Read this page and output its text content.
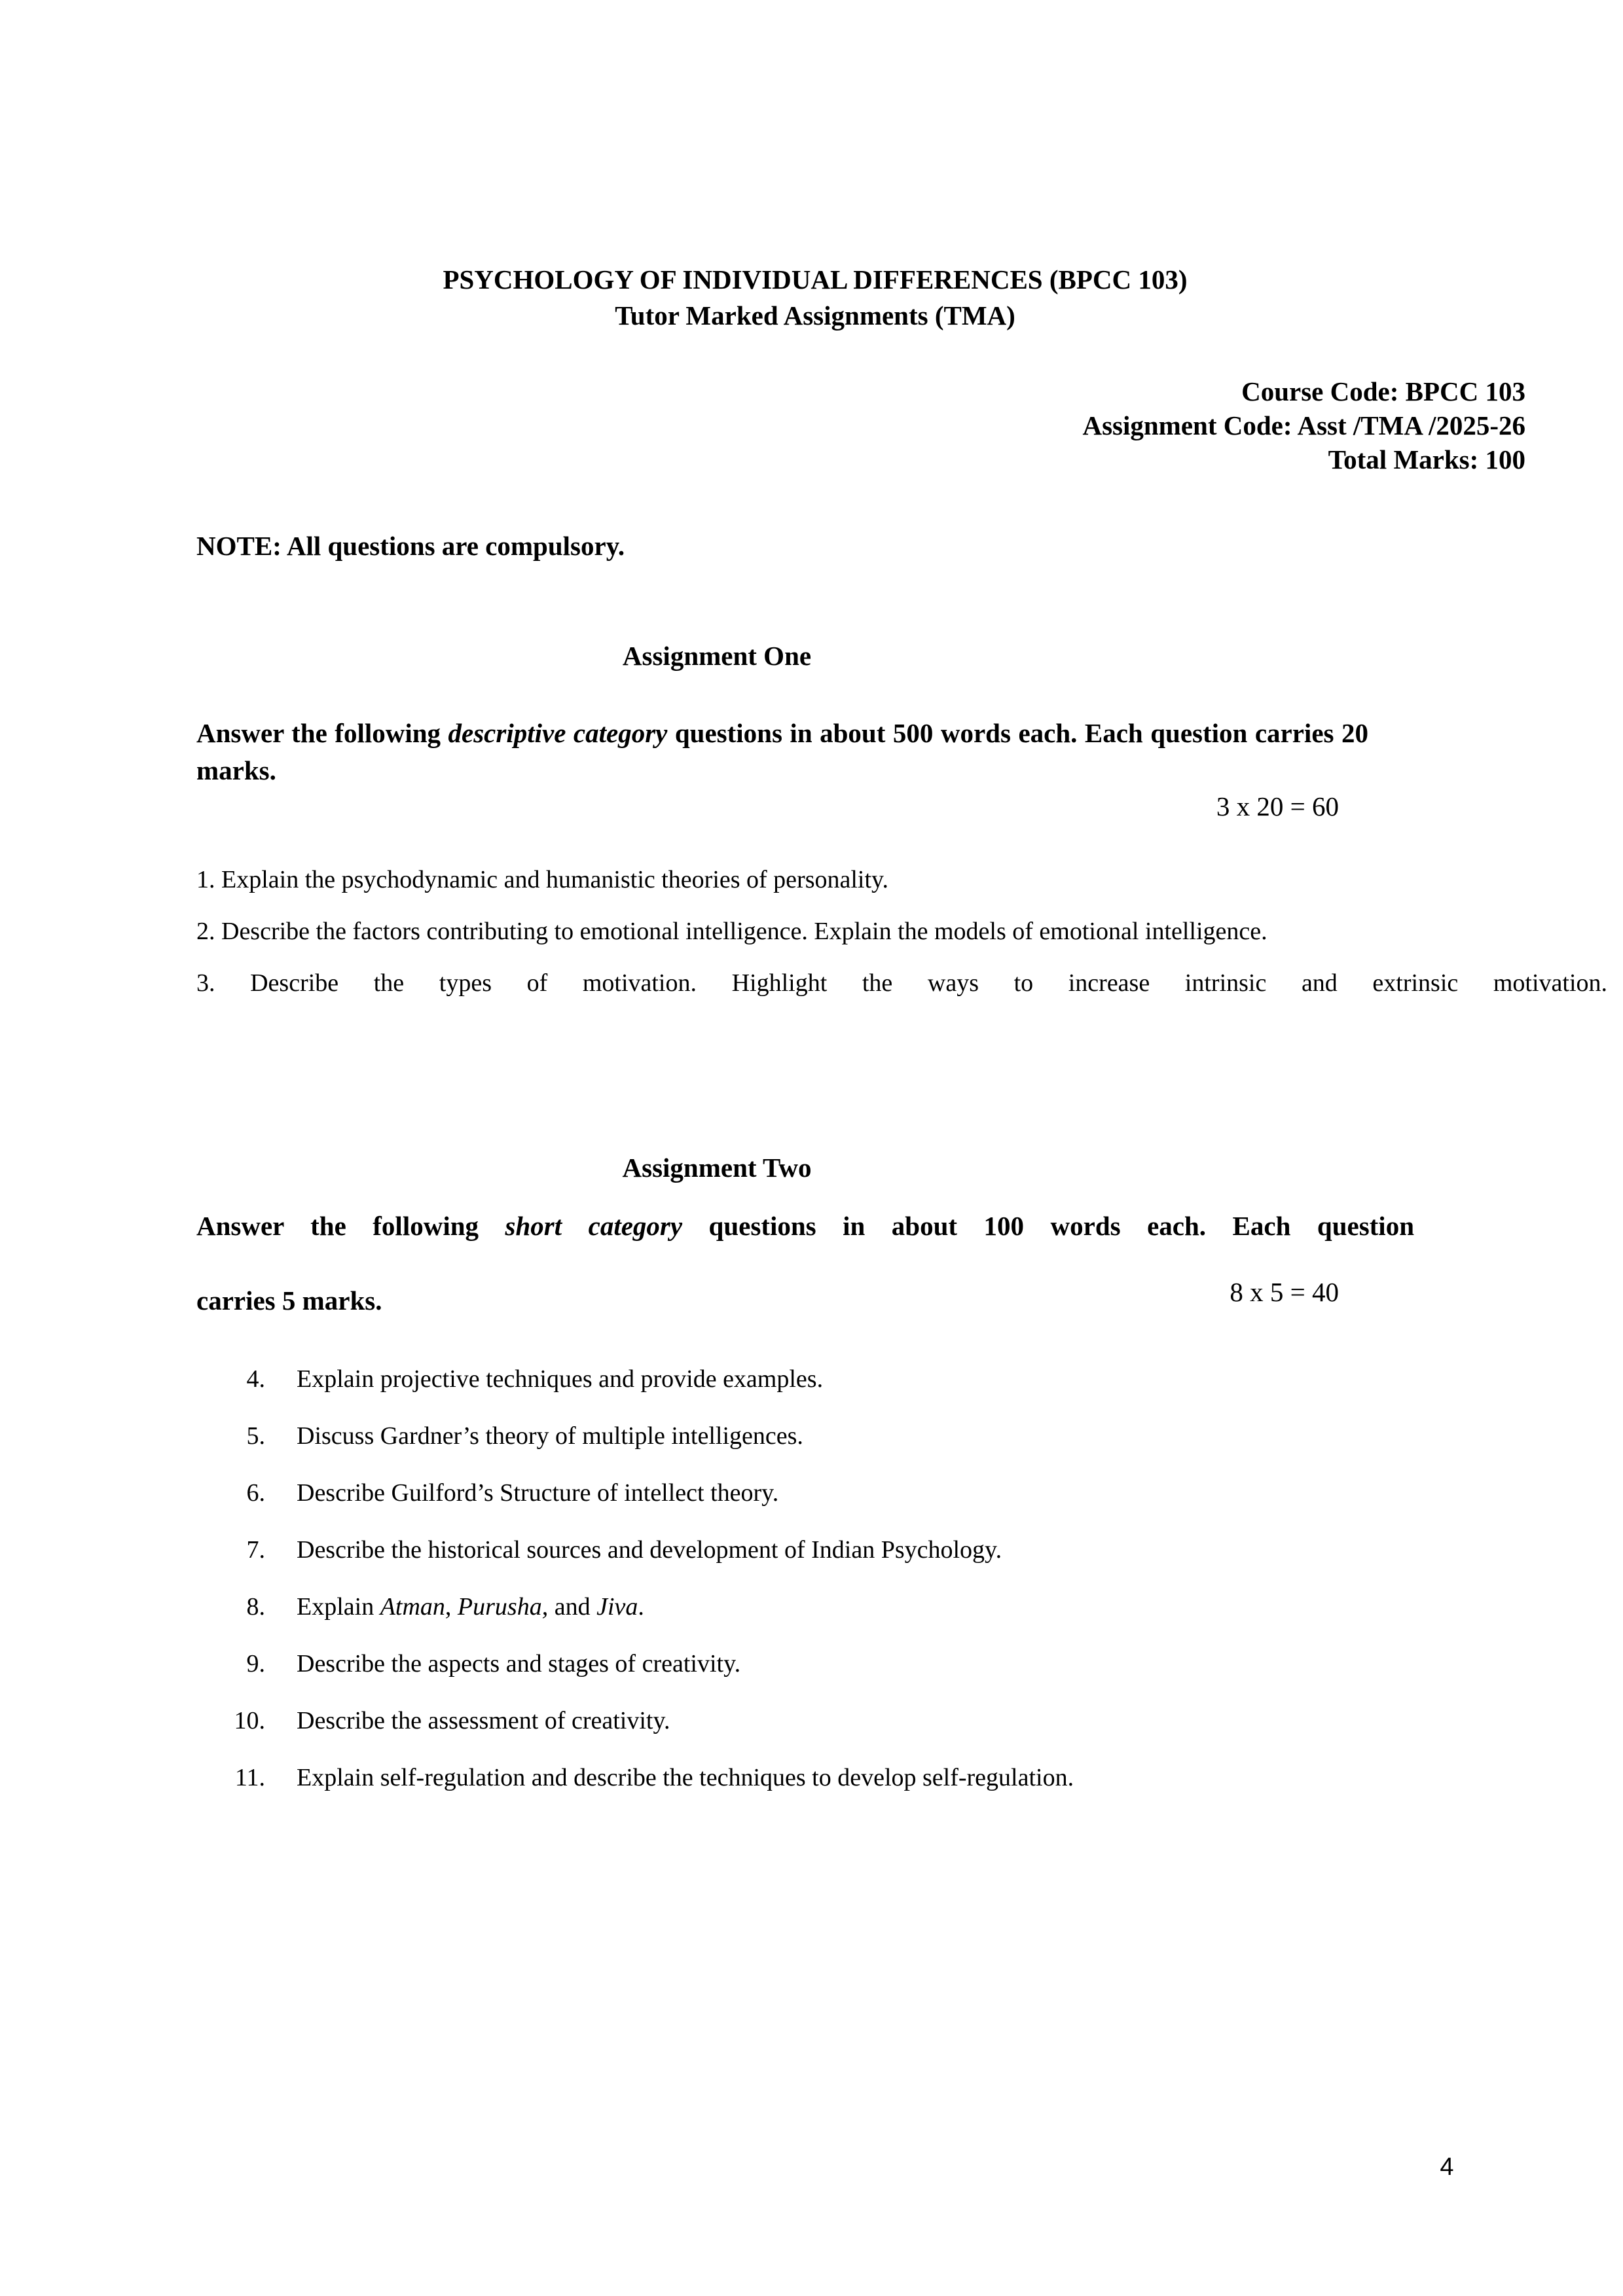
PSYCHOLOGY OF INDIVIDUAL DIFFERENCES (BPCC 103)
Tutor Marked Assignments (TMA)
Course Code: BPCC 103
Assignment Code: Asst /TMA /2025-26
Total Marks: 100
NOTE: All questions are compulsory.
Assignment One
Answer the following descriptive category questions in about 500 words each. Each question carries 20 marks.
3 x 20 = 60
1. Explain the psychodynamic and humanistic theories of personality.
2. Describe the factors contributing to emotional intelligence. Explain the models of emotional intelligence.
3. Describe the types of motivation. Highlight the ways to increase intrinsic and extrinsic motivation.
Assignment Two
Answer the following short category questions in about 100 words each. Each question
carries 5 marks.	8 x 5 = 40
4.	Explain projective techniques and provide examples.
5.	Discuss Gardner’s theory of multiple intelligences.
6.	Describe Guilford’s Structure of intellect theory.
7.	Describe the historical sources and development of Indian Psychology.
8.	Explain Atman, Purusha, and Jiva.
9.	Describe the aspects and stages of creativity.
10.	Describe the assessment of creativity.
11.	Explain self-regulation and describe the techniques to develop self-regulation.
4
